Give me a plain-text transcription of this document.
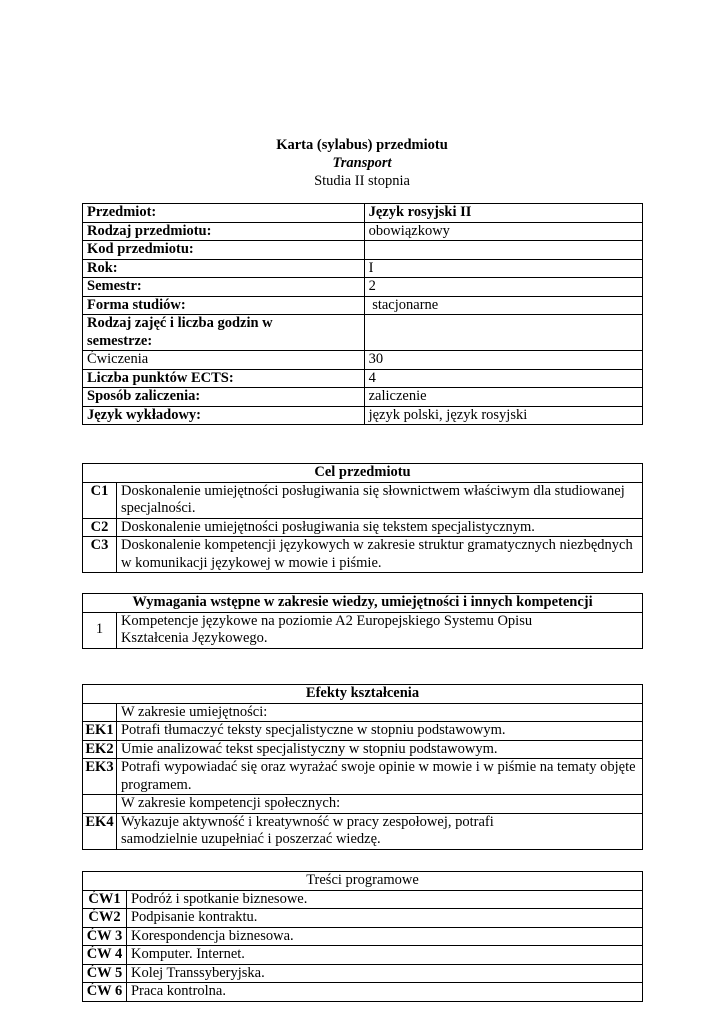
Karta (sylabus) przedmiotu
Transport
Studia II stopnia
Przedmiot:	Język rosyjski II
Rodzaj przedmiotu:	obowiązkowy
Kod przedmiotu:	
Rok:	I
Semestr:	2
Forma studiów:	stacjonarne
Rodzaj zajęć i liczba godzin w semestrze:	
Ćwiczenia	30
Liczba punktów ECTS:	4
Sposób zaliczenia:	zaliczenie
Język wykładowy:	język polski, język rosyjski
Cel przedmiotu	
C1	Doskonalenie umiejętności posługiwania się słownictwem właściwym dla studiowanej specjalności.
C2	Doskonalenie umiejętności posługiwania się tekstem specjalistycznym.
C3	Doskonalenie kompetencji językowych w zakresie struktur gramatycznych niezbędnych w komunikacji językowej w mowie i piśmie.
Wymagania wstępne w zakresie wiedzy, umiejętności i innych kompetencji
1	Kompetencje językowe na poziomie A2 Europejskiego Systemu Opisu Kształcenia Językowego.
Efekty kształcenia	
	W zakresie umiejętności:
EK1	Potrafi tłumaczyć teksty specjalistyczne w stopniu podstawowym.
EK2	Umie analizować tekst specjalistyczny w stopniu podstawowym.
EK3	Potrafi wypowiadać się oraz wyrażać swoje opinie w mowie i w piśmie na tematy objęte programem.
	W zakresie kompetencji społecznych:
EK4	Wykazuje aktywność i kreatywność w pracy zespołowej, potrafi samodzielnie uzupełniać i poszerzać wiedzę.
Treści programowe	
ĆW1	Podróż i spotkanie biznesowe.
ĆW2	Podpisanie kontraktu.
ĆW 3	Korespondencja biznesowa.
ĆW 4	Komputer. Internet.
ĆW 5	Kolej Transsyberyjska.
ĆW 6	Praca kontrolna.
